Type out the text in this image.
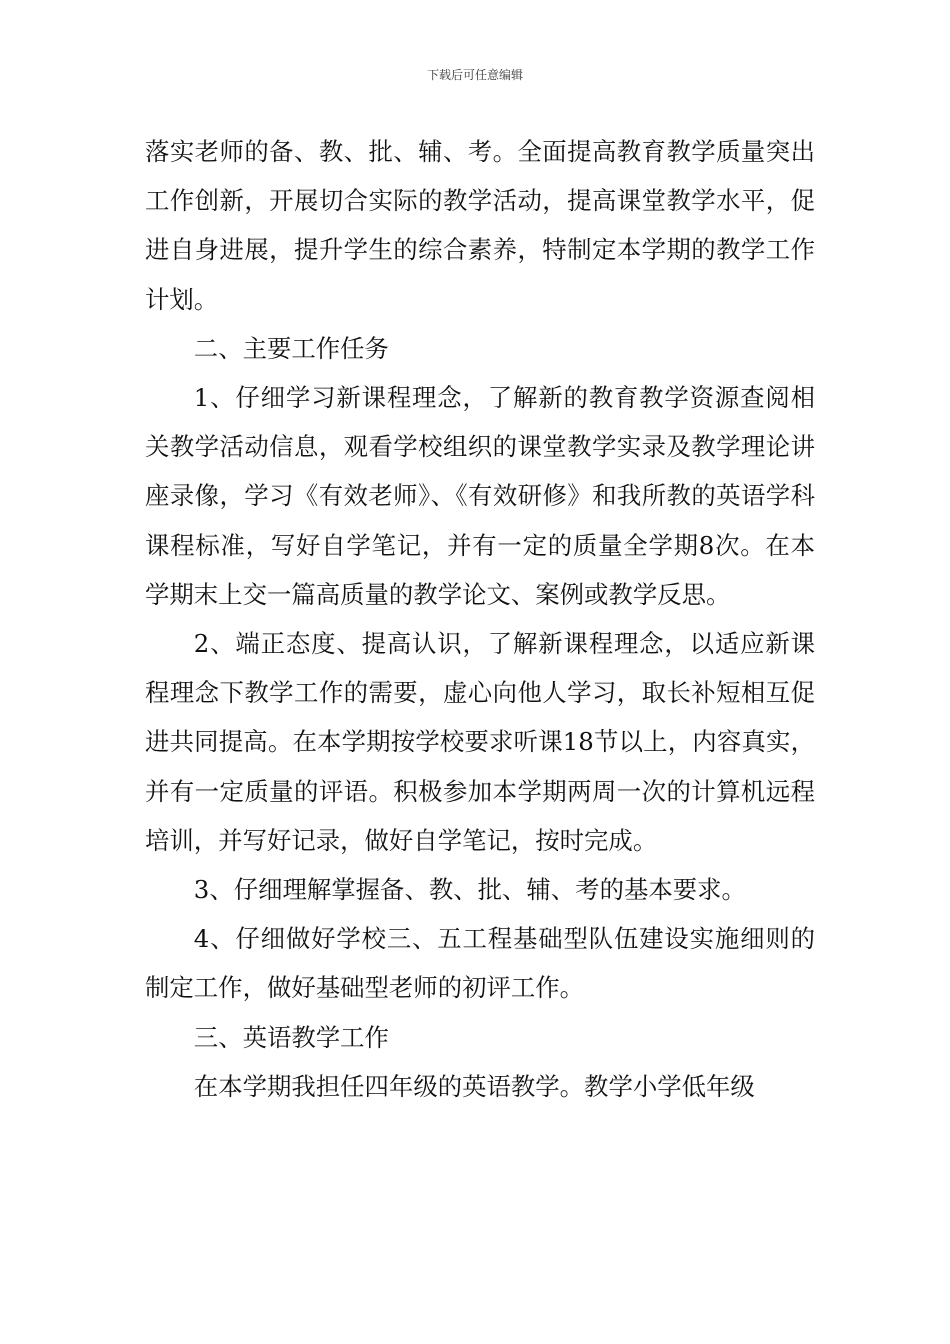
下载后可任意编辑

落实老师的备、教、批、辅、考。全面提高教育教学质量突出工作创新，开展切合实际的教学活动，提高课堂教学水平，促进自身进展，提升学生的综合素养，特制定本学期的教学工作计划。

二、主要工作任务

1、仔细学习新课程理念，了解新的教育教学资源查阅相关教学活动信息，观看学校组织的课堂教学实录及教学理论讲座录像，学习《有效老师》、《有效研修》和我所教的英语学科课程标准，写好自学笔记，并有一定的质量全学期8次。在本学期末上交一篇高质量的教学论文、案例或教学反思。

2、端正态度、提高认识，了解新课程理念，以适应新课程理念下教学工作的需要，虚心向他人学习，取长补短相互促进共同提高。在本学期按学校要求听课18节以上，内容真实，并有一定质量的评语。积极参加本学期两周一次的计算机远程培训，并写好记录，做好自学笔记，按时完成。

3、仔细理解掌握备、教、批、辅、考的基本要求。

4、仔细做好学校三、五工程基础型队伍建设实施细则的制定工作，做好基础型老师的初评工作。

三、英语教学工作

在本学期我担任四年级的英语教学。教学小学低年级
